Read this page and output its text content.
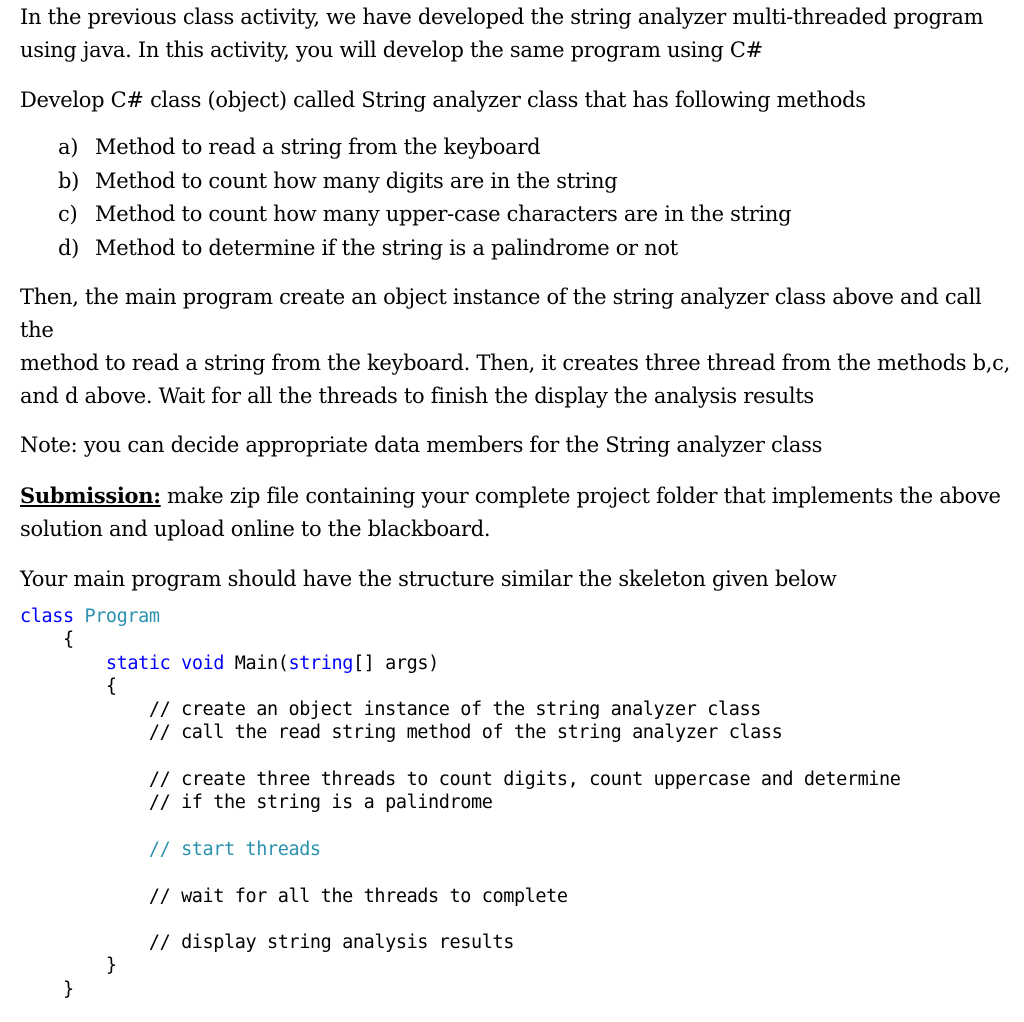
In the previous class activity, we have developed the string analyzer multi-threaded program
using java. In this activity, you will develop the same program using C#

Develop C# class (object) called String analyzer class that has following methods

a) Method to read a string from the keyboard
b) Method to count how many digits are in the string
c) Method to count how many upper-case characters are in the string
d) Method to determine if the string is a palindrome or not

Then, the main program create an object instance of the string analyzer class above and call the
method to read a string from the keyboard. Then, it creates three thread from the methods b,c,
and d above. Wait for all the threads to finish the display the analysis results

Note: you can decide appropriate data members for the String analyzer class

Submission: make zip file containing your complete project folder that implements the above
solution and upload online to the blackboard.

Your main program should have the structure similar the skeleton given below

class Program
{
static void Main(string[] args)
{
// create an object instance of the string analyzer class
// call the read string method of the string analyzer class

// create three threads to count digits, count uppercase and determine
// if the string is a palindrome

// start threads

// wait for all the threads to complete

// display string analysis results
}
}
